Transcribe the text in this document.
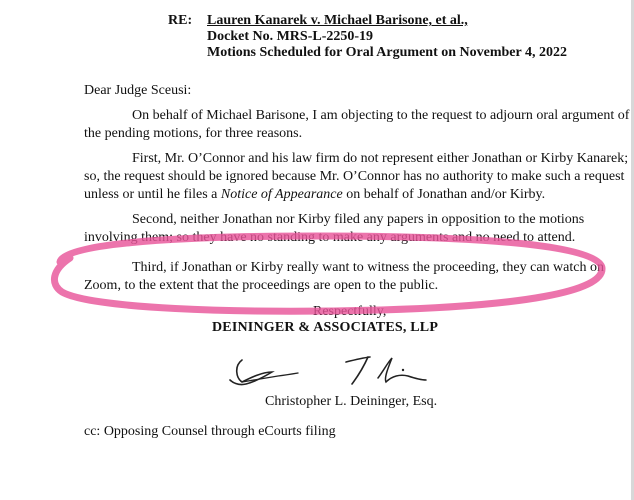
RE: Lauren Kanarek v. Michael Barisone, et al.,
Docket No. MRS-L-2250-19
Motions Scheduled for Oral Argument on November 4, 2022
Dear Judge Sceusi:
On behalf of Michael Barisone, I am objecting to the request to adjourn oral argument of
the pending motions, for three reasons.
First, Mr. O’Connor and his law firm do not represent either Jonathan or Kirby Kanarek;
so, the request should be ignored because Mr. O’Connor has no authority to make such a request
unless or until he files a Notice of Appearance on behalf of Jonathan and/or Kirby.
Second, neither Jonathan nor Kirby filed any papers in opposition to the motions
involving them; so they have no standing to make any arguments and no need to attend.
Third, if Jonathan or Kirby really want to witness the proceeding, they can watch on
Zoom, to the extent that the proceedings are open to the public.
Respectfully,
DEININGER & ASSOCIATES, LLP
Christopher L. Deininger, Esq.
cc: Opposing Counsel through eCourts filing
